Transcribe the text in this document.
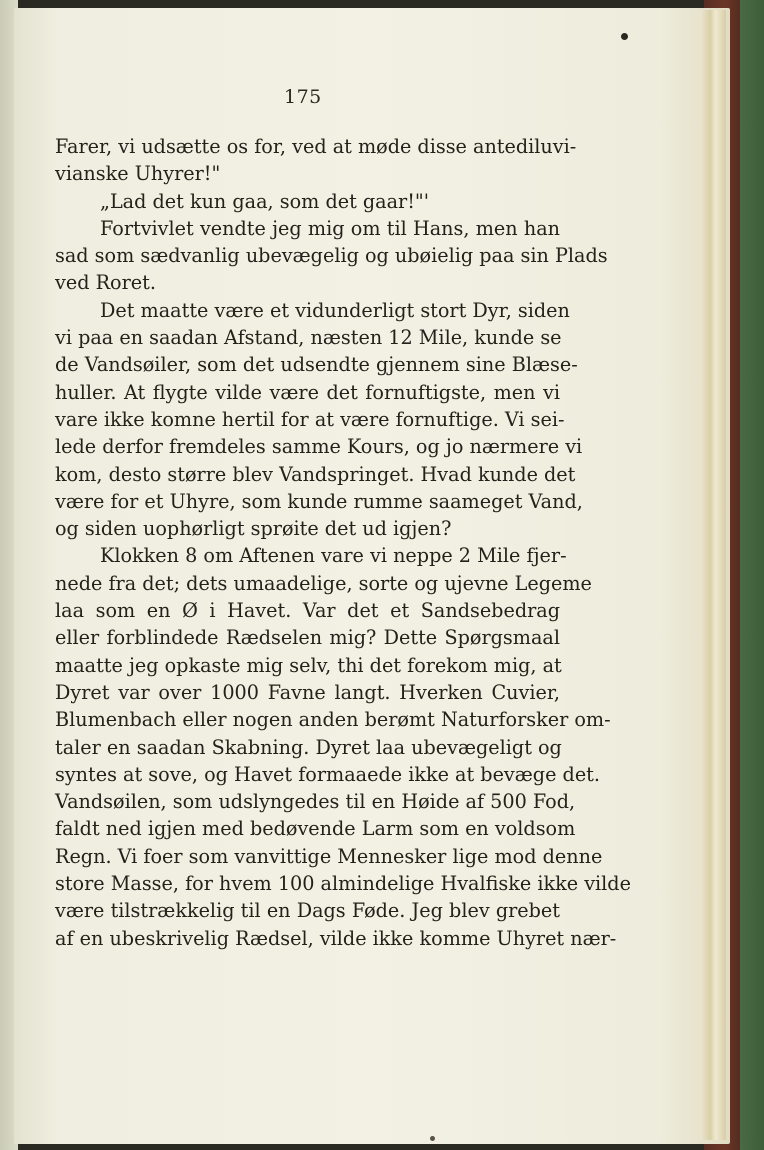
175
Farer, vi udsætte os for, ved at møde disse antediluvi-
vianske Uhyrer!"
„Lad det kun gaa, som det gaar!"'
Fortvivlet vendte jeg mig om til Hans, men han
sad som sædvanlig ubevægelig og ubøielig paa sin Plads
ved Roret.
Det maatte være et vidunderligt stort Dyr, siden
vi paa en saadan Afstand, næsten 12 Mile, kunde se
de Vandsøiler, som det udsendte gjennem sine Blæse-
huller. At flygte vilde være det fornuftigste, men vi
vare ikke komne hertil for at være fornuftige. Vi sei-
lede derfor fremdeles samme Kours, og jo nærmere vi
kom, desto større blev Vandspringet. Hvad kunde det
være for et Uhyre, som kunde rumme saameget Vand,
og siden uophørligt sprøite det ud igjen?
Klokken 8 om Aftenen vare vi neppe 2 Mile fjer-
nede fra det; dets umaadelige, sorte og ujevne Legeme
laa som en Ø i Havet. Var det et Sandsebedrag
eller forblindede Rædselen mig? Dette Spørgsmaal
maatte jeg opkaste mig selv, thi det forekom mig, at
Dyret var over 1000 Favne langt. Hverken Cuvier,
Blumenbach eller nogen anden berømt Naturforsker om-
taler en saadan Skabning. Dyret laa ubevægeligt og
syntes at sove, og Havet formaaede ikke at bevæge det.
Vandsøilen, som udslyngedes til en Høide af 500 Fod,
faldt ned igjen med bedøvende Larm som en voldsom
Regn. Vi foer som vanvittige Mennesker lige mod denne
store Masse, for hvem 100 almindelige Hvalfiske ikke vilde
være tilstrækkelig til en Dags Føde. Jeg blev grebet
af en ubeskrivelig Rædsel, vilde ikke komme Uhyret nær-
